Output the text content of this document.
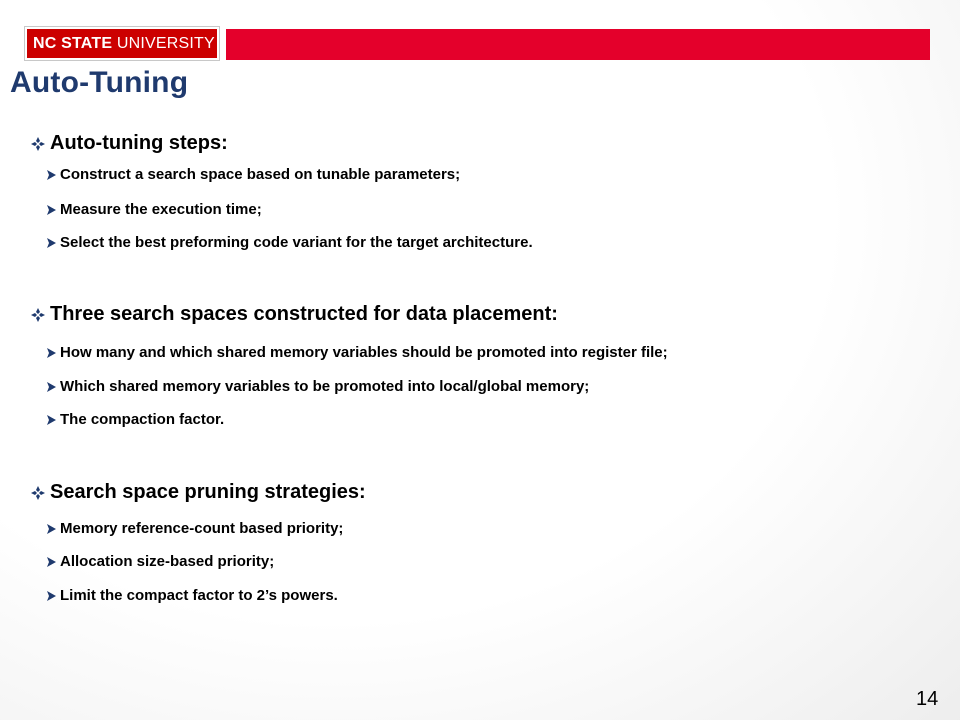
NC STATE UNIVERSITY
Auto-Tuning
Auto-tuning steps:
Construct a search space based on tunable parameters;
Measure the execution time;
Select the best preforming code variant for the target architecture.
Three search spaces constructed for data placement:
How many and which shared memory variables should be promoted into register file;
Which shared memory variables to be promoted into local/global memory;
The compaction factor.
Search space pruning strategies:
Memory reference-count based priority;
Allocation size-based priority;
Limit the compact factor to 2’s powers.
14
